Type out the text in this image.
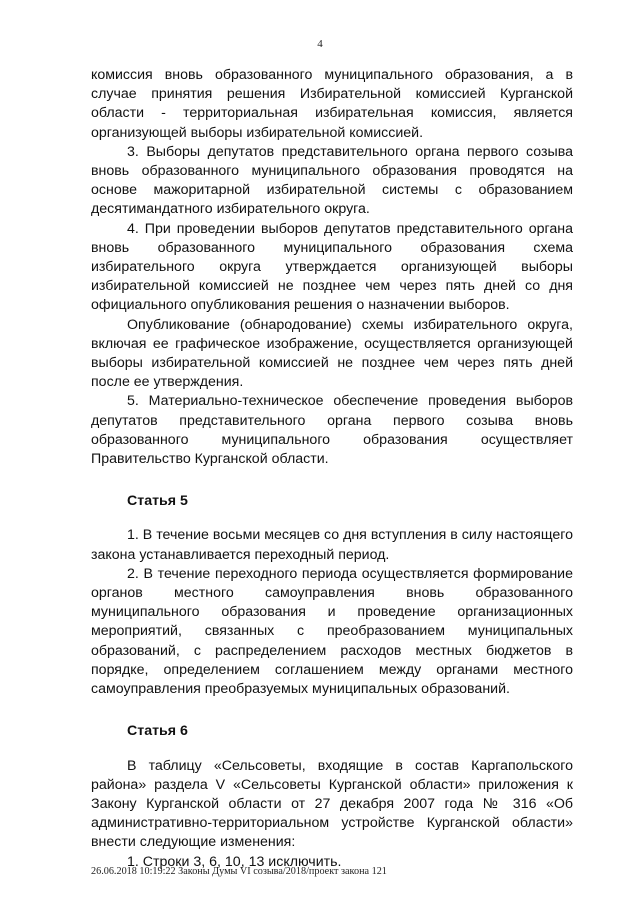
4

комиссия вновь образованного муниципального образования, а в случае принятия решения Избирательной комиссией Курганской области - территориальная избирательная комиссия, является организующей выборы избирательной комиссией.

3. Выборы депутатов представительного органа первого созыва вновь образованного муниципального образования проводятся на основе мажоритарной избирательной системы с образованием десятимандатного избирательного округа.

4. При проведении выборов депутатов представительного органа вновь образованного муниципального образования схема избирательного округа утверждается организующей выборы избирательной комиссией не позднее чем через пять дней со дня официального опубликования решения о назначении выборов.

Опубликование (обнародование) схемы избирательного округа, включая ее графическое изображение, осуществляется организующей выборы избирательной комиссией не позднее чем через пять дней после ее утверждения.

5. Материально-техническое обеспечение проведения выборов депутатов представительного органа первого созыва вновь образованного муниципального образования осуществляет Правительство Курганской области.

Статья 5

1. В течение восьми месяцев со дня вступления в силу настоящего закона устанавливается переходный период.

2. В течение переходного периода осуществляется формирование органов местного самоуправления вновь образованного муниципального образования и проведение организационных мероприятий, связанных с преобразованием муниципальных образований, с распределением расходов местных бюджетов в порядке, определением соглашением между органами местного самоуправления преобразуемых муниципальных образований.

Статья 6

В таблицу «Сельсоветы, входящие в состав Каргапольского района» раздела V «Сельсоветы Курганской области» приложения к Закону Курганской области от 27 декабря 2007 года № 316 «Об административно-территориальном устройстве Курганской области» внести следующие изменения:

1. Строки 3, 6, 10, 13 исключить.

26.06.2018 10:19:22 Законы Думы VI созыва/2018/проект закона 121
